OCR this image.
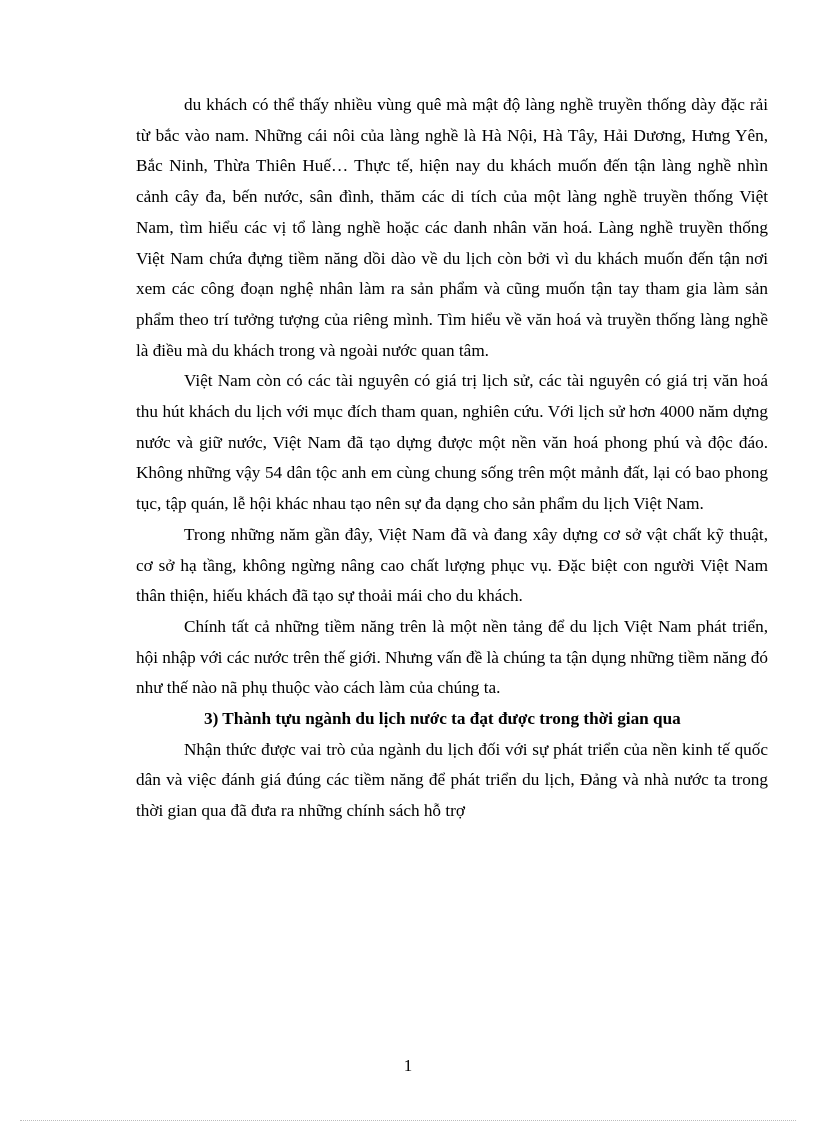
du khách có thể thấy nhiều vùng quê mà mật độ làng nghề truyền thống dày đặc rải từ bắc vào nam. Những cái nôi của làng nghề là Hà Nội, Hà Tây, Hải Dương, Hưng Yên, Bắc Ninh, Thừa Thiên Huế… Thực tế, hiện nay du khách muốn đến tận làng nghề nhìn cảnh cây đa, bến nước, sân đình, thăm các di tích của một làng nghề truyền thống Việt Nam, tìm hiểu các vị tổ làng nghề hoặc các danh nhân văn hoá. Làng nghề truyền thống Việt Nam chứa đựng tiềm năng dồi dào về du lịch còn bởi vì du khách muốn đến tận nơi xem các công đoạn nghệ nhân làm ra sản phẩm và cũng muốn tận tay tham gia làm sản phẩm theo trí tưởng tượng của riêng mình. Tìm hiểu về văn hoá và truyền thống làng nghề là điều mà du khách trong và ngoài nước quan tâm.

Việt Nam còn có các tài nguyên có giá trị lịch sử, các tài nguyên có giá trị văn hoá thu hút khách du lịch với mục đích tham quan, nghiên cứu. Với lịch sử hơn 4000 năm dựng nước và giữ nước, Việt Nam đã tạo dựng được một nền văn hoá phong phú và độc đáo. Không những vậy 54 dân tộc anh em cùng chung sống trên một mảnh đất, lại có bao phong tục, tập quán, lễ hội khác nhau tạo nên sự đa dạng cho sản phẩm du lịch Việt Nam.

Trong những năm gần đây, Việt Nam đã và đang xây dựng cơ sở vật chất kỹ thuật, cơ sở hạ tầng, không ngừng nâng cao chất lượng phục vụ. Đặc biệt con người Việt Nam thân thiện, hiếu khách đã tạo sự thoải mái cho du khách.

Chính tất cả những tiềm năng trên là một nền tảng để du lịch Việt Nam phát triển, hội nhập với các nước trên thế giới. Nhưng vấn đề là chúng ta tận dụng những tiềm năng đó như thế nào nã phụ thuộc vào cách làm của chúng ta.

3) Thành tựu ngành du lịch nước ta đạt được trong thời gian qua

Nhận thức được vai trò của ngành du lịch đối với sự phát triển của nền kinh tế quốc dân và việc đánh giá đúng các tiềm năng để phát triển du lịch, Đảng và nhà nước ta trong thời gian qua đã đưa ra những chính sách hỗ trợ

1
